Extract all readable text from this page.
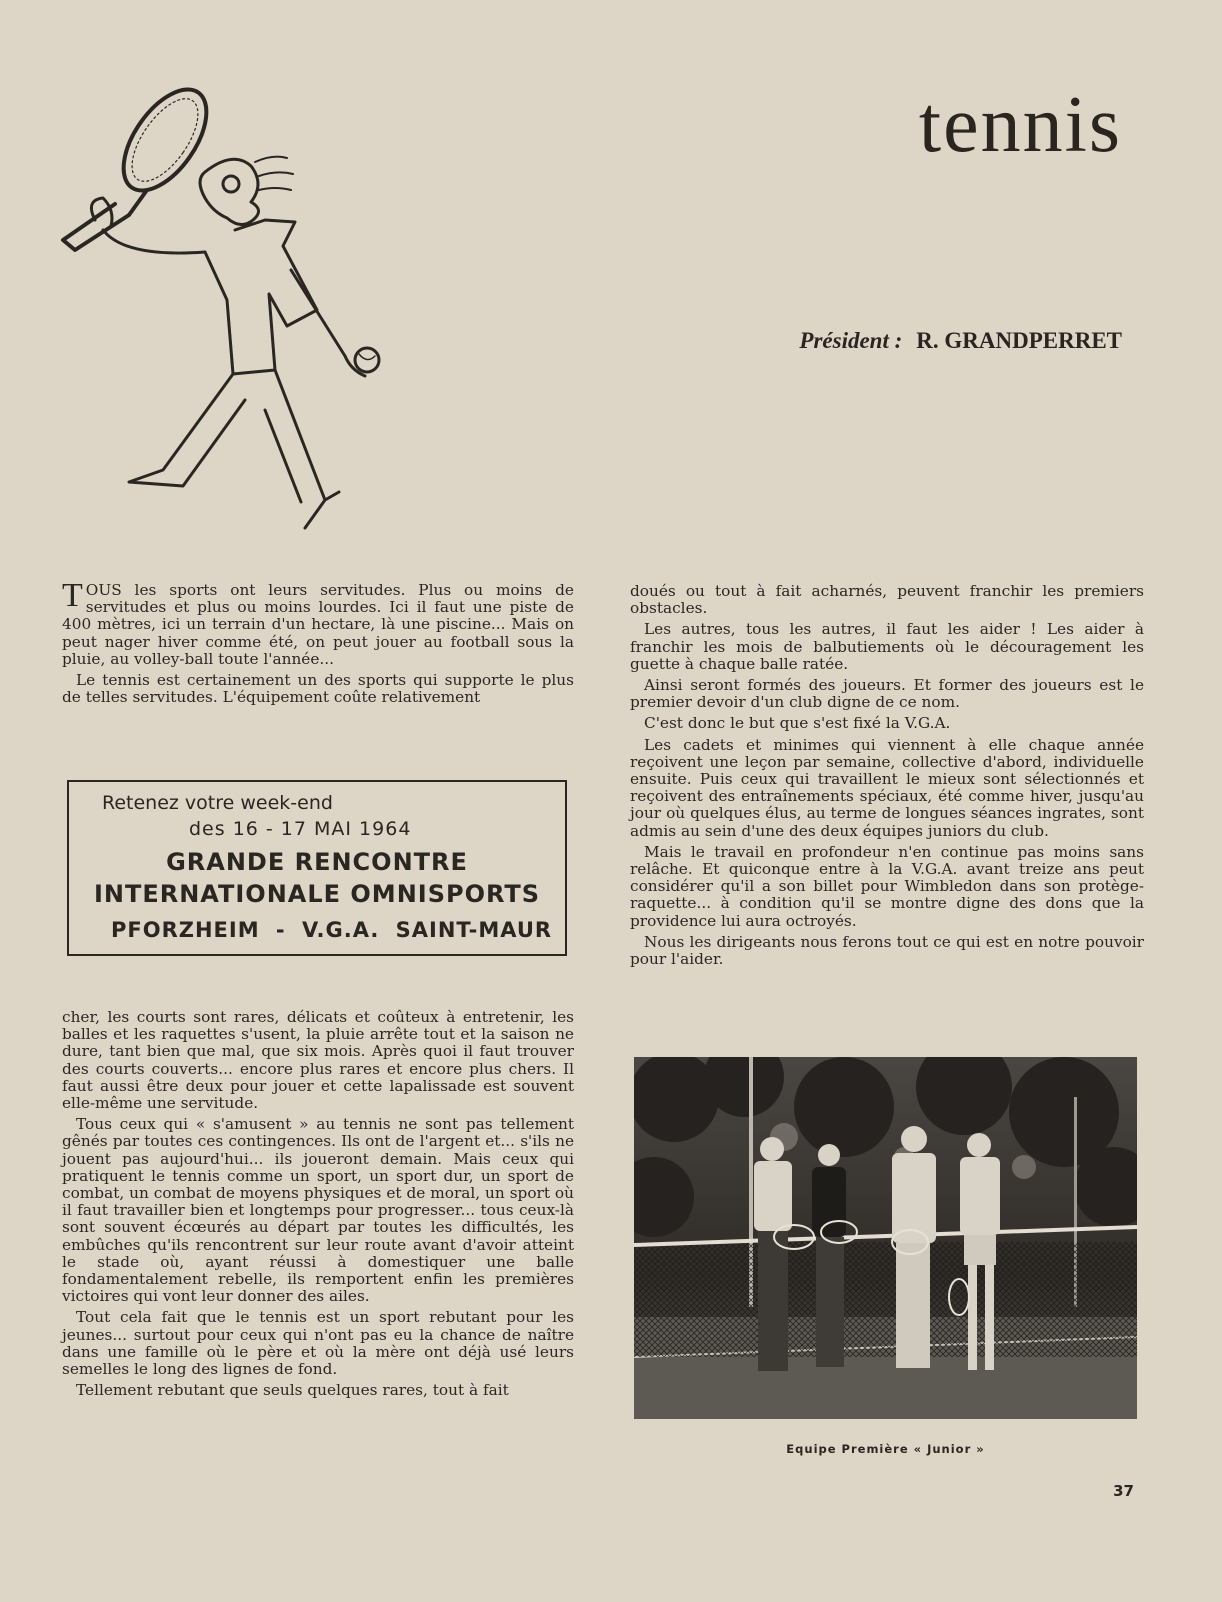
tennis
Président : R. GRANDPERRET

TOUS les sports ont leurs servitudes. Plus ou moins de servitudes et plus ou moins lourdes. Ici il faut une piste de 400 mètres, ici un terrain d'un hectare, là une piscine... Mais on peut nager hiver comme été, on peut jouer au football sous la pluie, au volley-ball toute l'année...

Le tennis est certainement un des sports qui supporte le plus de telles servitudes. L'équipement coûte relativement

Retenez votre week-end
des 16 - 17 MAI 1964
GRANDE RENCONTRE
INTERNATIONALE OMNISPORTS
PFORZHEIM - V.G.A. SAINT-MAUR

cher, les courts sont rares, délicats et coûteux à entretenir, les balles et les raquettes s'usent, la pluie arrête tout et la saison ne dure, tant bien que mal, que six mois. Après quoi il faut trouver des courts couverts... encore plus rares et encore plus chers. Il faut aussi être deux pour jouer et cette lapalissade est souvent elle-même une servitude.

Tous ceux qui « s'amusent » au tennis ne sont pas tellement gênés par toutes ces contingences. Ils ont de l'argent et... s'ils ne jouent pas aujourd'hui... ils joueront demain. Mais ceux qui pratiquent le tennis comme un sport, un sport dur, un sport de combat, un combat de moyens physiques et de moral, un sport où il faut travailler bien et longtemps pour progresser... tous ceux-là sont souvent écœurés au départ par toutes les difficultés, les embûches qu'ils rencontrent sur leur route avant d'avoir atteint le stade où, ayant réussi à domestiquer une balle fondamentalement rebelle, ils remportent enfin les premières victoires qui vont leur donner des ailes.

Tout cela fait que le tennis est un sport rebutant pour les jeunes... surtout pour ceux qui n'ont pas eu la chance de naître dans une famille où le père et où la mère ont déjà usé leurs semelles le long des lignes de fond.

Tellement rebutant que seuls quelques rares, tout à fait

doués ou tout à fait acharnés, peuvent franchir les premiers obstacles.

Les autres, tous les autres, il faut les aider ! Les aider à franchir les mois de balbutiements où le découragement les guette à chaque balle ratée.

Ainsi seront formés des joueurs. Et former des joueurs est le premier devoir d'un club digne de ce nom.

C'est donc le but que s'est fixé la V.G.A.

Les cadets et minimes qui viennent à elle chaque année reçoivent une leçon par semaine, collective d'abord, individuelle ensuite. Puis ceux qui travaillent le mieux sont sélectionnés et reçoivent des entraînements spéciaux, été comme hiver, jusqu'au jour où quelques élus, au terme de longues séances ingrates, sont admis au sein d'une des deux équipes juniors du club.

Mais le travail en profondeur n'en continue pas moins sans relâche. Et quiconque entre à la V.G.A. avant treize ans peut considérer qu'il a son billet pour Wimbledon dans son protège-raquette... à condition qu'il se montre digne des dons que la providence lui aura octroyés.

Nous les dirigeants nous ferons tout ce qui est en notre pouvoir pour l'aider.

Equipe Première « Junior »
37
